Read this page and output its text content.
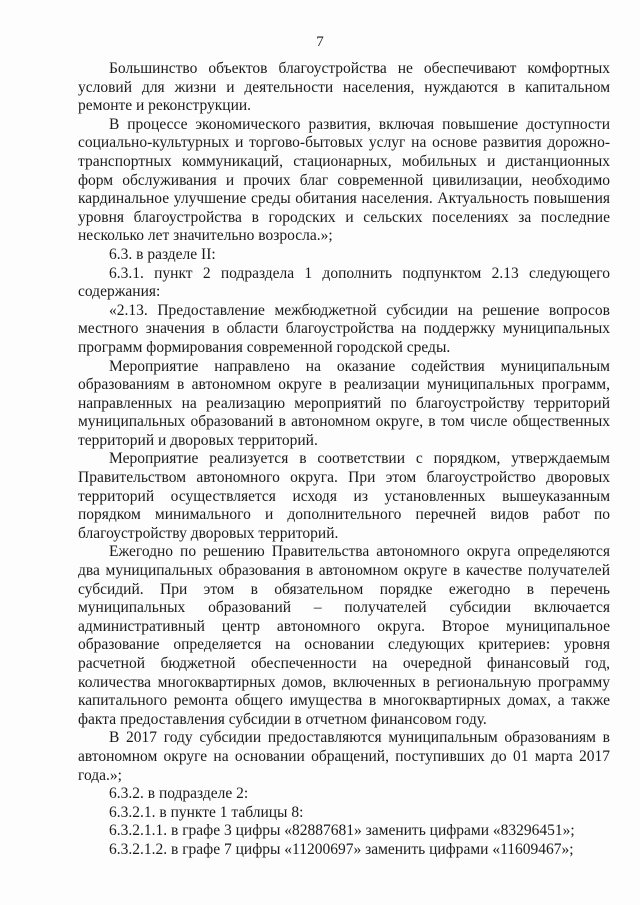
7

Большинство объектов благоустройства не обеспечивают комфортных условий для жизни и деятельности населения, нуждаются в капитальном ремонте и реконструкции.

В процессе экономического развития, включая повышение доступности социально-культурных и торгово-бытовых услуг на основе развития дорожно-транспортных коммуникаций, стационарных, мобильных и дистанционных форм обслуживания и прочих благ современной цивилизации, необходимо кардинальное улучшение среды обитания населения. Актуальность повышения уровня благоустройства в городских и сельских поселениях за последние несколько лет значительно возросла.»;

6.3. в разделе II:

6.3.1. пункт 2 подраздела 1 дополнить подпунктом 2.13 следующего содержания:

«2.13. Предоставление межбюджетной субсидии на решение вопросов местного значения в области благоустройства на поддержку муниципальных программ формирования современной городской среды.

Мероприятие направлено на оказание содействия муниципальным образованиям в автономном округе в реализации муниципальных программ, направленных на реализацию мероприятий по благоустройству территорий муниципальных образований в автономном округе, в том числе общественных территорий и дворовых территорий.

Мероприятие реализуется в соответствии с порядком, утверждаемым Правительством автономного округа. При этом благоустройство дворовых территорий осуществляется исходя из установленных вышеуказанным порядком минимального и дополнительного перечней видов работ по благоустройству дворовых территорий.

Ежегодно по решению Правительства автономного округа определяются два муниципальных образования в автономном округе в качестве получателей субсидий. При этом в обязательном порядке ежегодно в перечень муниципальных образований – получателей субсидии включается административный центр автономного округа. Второе муниципальное образование определяется на основании следующих критериев: уровня расчетной бюджетной обеспеченности на очередной финансовый год, количества многоквартирных домов, включенных в региональную программу капитального ремонта общего имущества в многоквартирных домах, а также факта предоставления субсидии в отчетном финансовом году.

В 2017 году субсидии предоставляются муниципальным образованиям в автономном округе на основании обращений, поступивших до 01 марта 2017 года.»;

6.3.2. в подразделе 2:

6.3.2.1. в пункте 1 таблицы 8:

6.3.2.1.1. в графе 3 цифры «82887681» заменить цифрами «83296451»;

6.3.2.1.2. в графе 7 цифры «11200697» заменить цифрами «11609467»;
